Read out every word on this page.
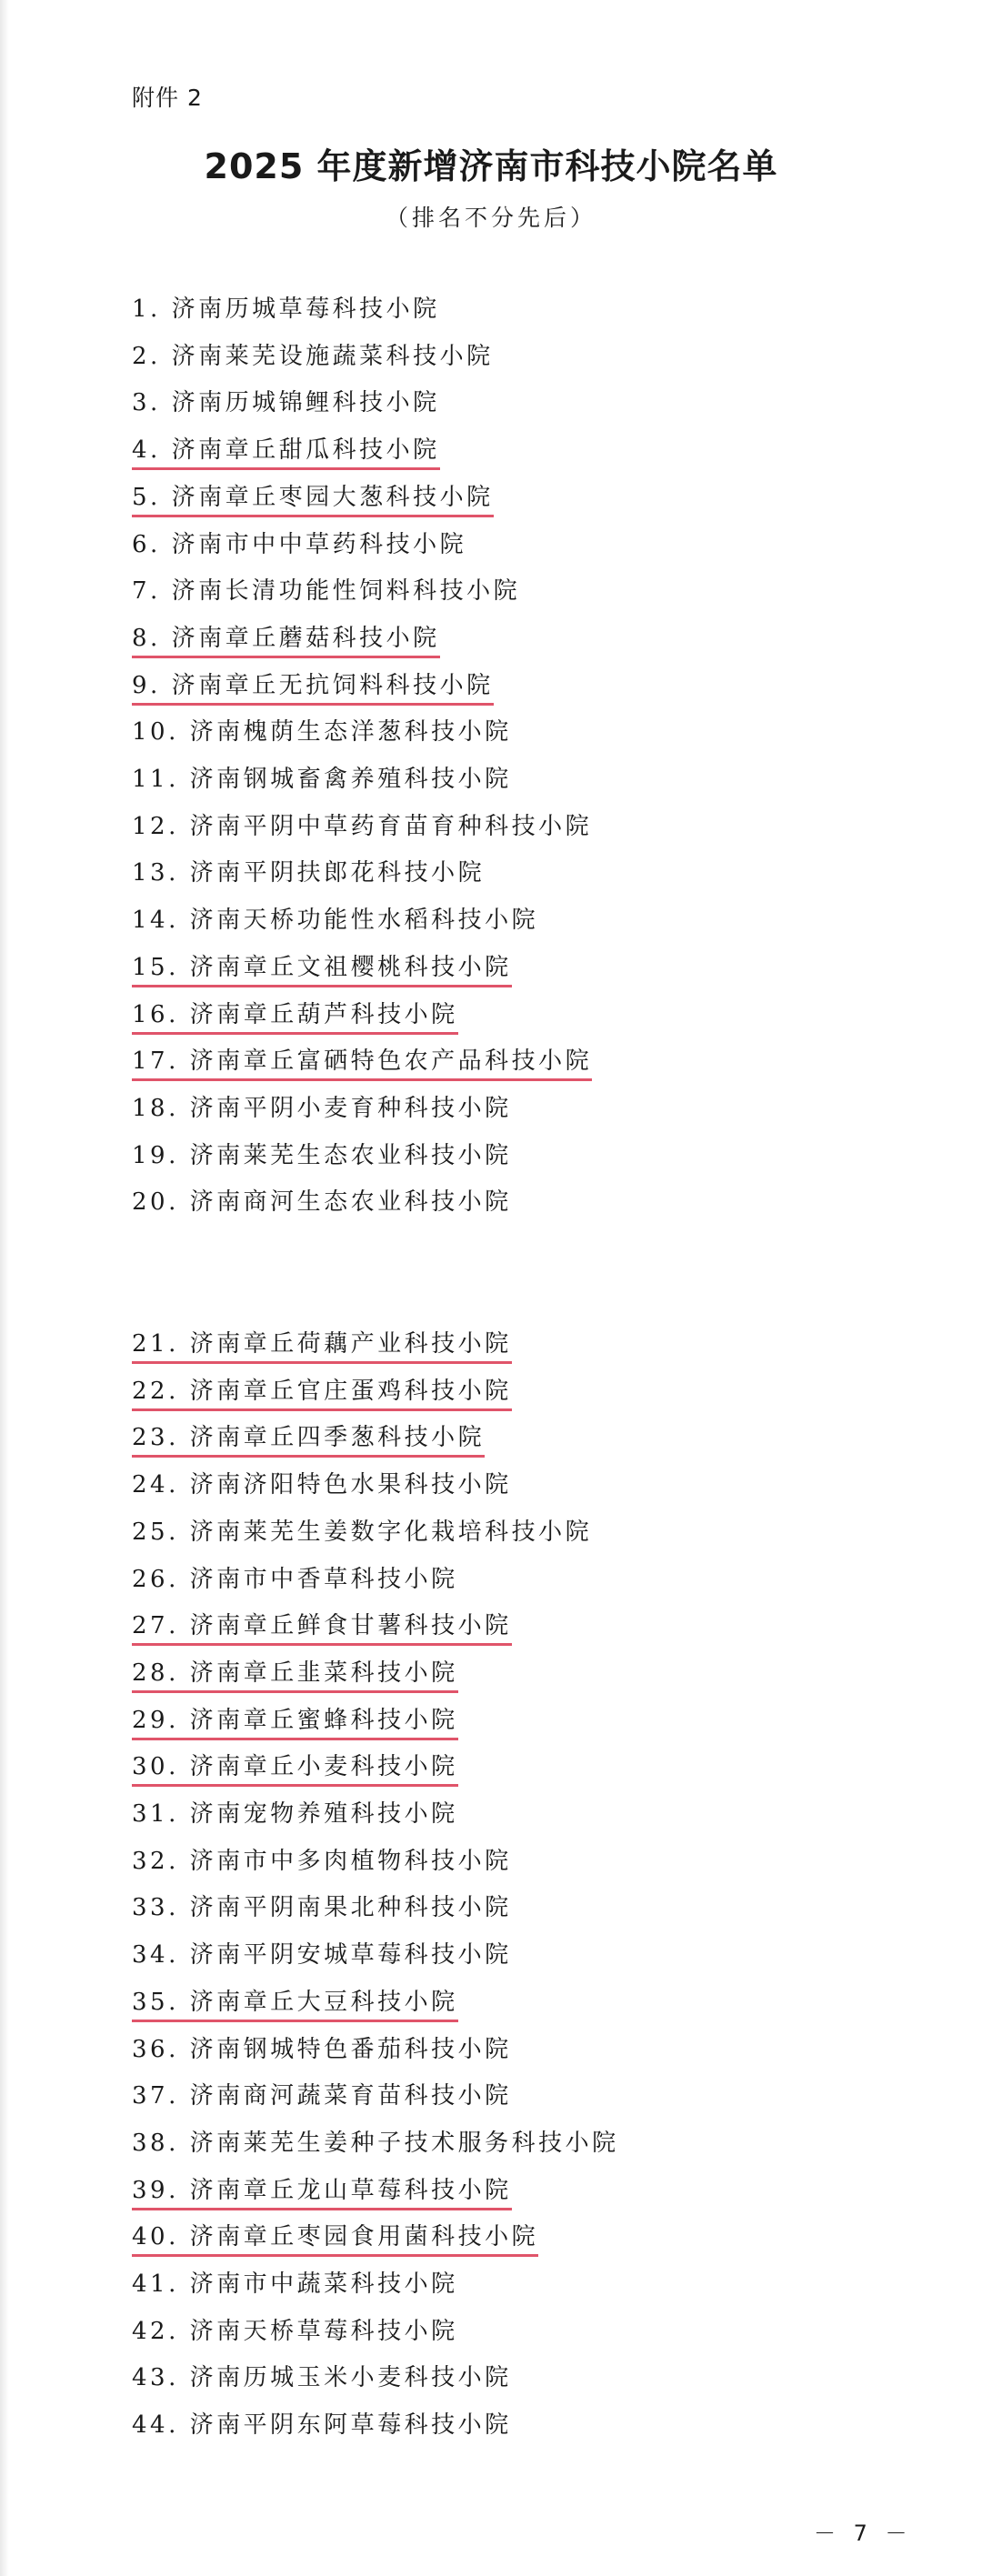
附件 2
2025 年度新增济南市科技小院名单
（排名不分先后）
1. 济南历城草莓科技小院
2. 济南莱芜设施蔬菜科技小院
3. 济南历城锦鲤科技小院
4. 济南章丘甜瓜科技小院
5. 济南章丘枣园大葱科技小院
6. 济南市中中草药科技小院
7. 济南长清功能性饲料科技小院
8. 济南章丘蘑菇科技小院
9. 济南章丘无抗饲料科技小院
10. 济南槐荫生态洋葱科技小院
11. 济南钢城畜禽养殖科技小院
12. 济南平阴中草药育苗育种科技小院
13. 济南平阴扶郎花科技小院
14. 济南天桥功能性水稻科技小院
15. 济南章丘文祖樱桃科技小院
16. 济南章丘葫芦科技小院
17. 济南章丘富硒特色农产品科技小院
18. 济南平阴小麦育种科技小院
19. 济南莱芜生态农业科技小院
20. 济南商河生态农业科技小院
21. 济南章丘荷藕产业科技小院
22. 济南章丘官庄蛋鸡科技小院
23. 济南章丘四季葱科技小院
24. 济南济阳特色水果科技小院
25. 济南莱芜生姜数字化栽培科技小院
26. 济南市中香草科技小院
27. 济南章丘鲜食甘薯科技小院
28. 济南章丘韭菜科技小院
29. 济南章丘蜜蜂科技小院
30. 济南章丘小麦科技小院
31. 济南宠物养殖科技小院
32. 济南市中多肉植物科技小院
33. 济南平阴南果北种科技小院
34. 济南平阴安城草莓科技小院
35. 济南章丘大豆科技小院
36. 济南钢城特色番茄科技小院
37. 济南商河蔬菜育苗科技小院
38. 济南莱芜生姜种子技术服务科技小院
39. 济南章丘龙山草莓科技小院
40. 济南章丘枣园食用菌科技小院
41. 济南市中蔬菜科技小院
42. 济南天桥草莓科技小院
43. 济南历城玉米小麦科技小院
44. 济南平阴东阿草莓科技小院
－ 7 －
